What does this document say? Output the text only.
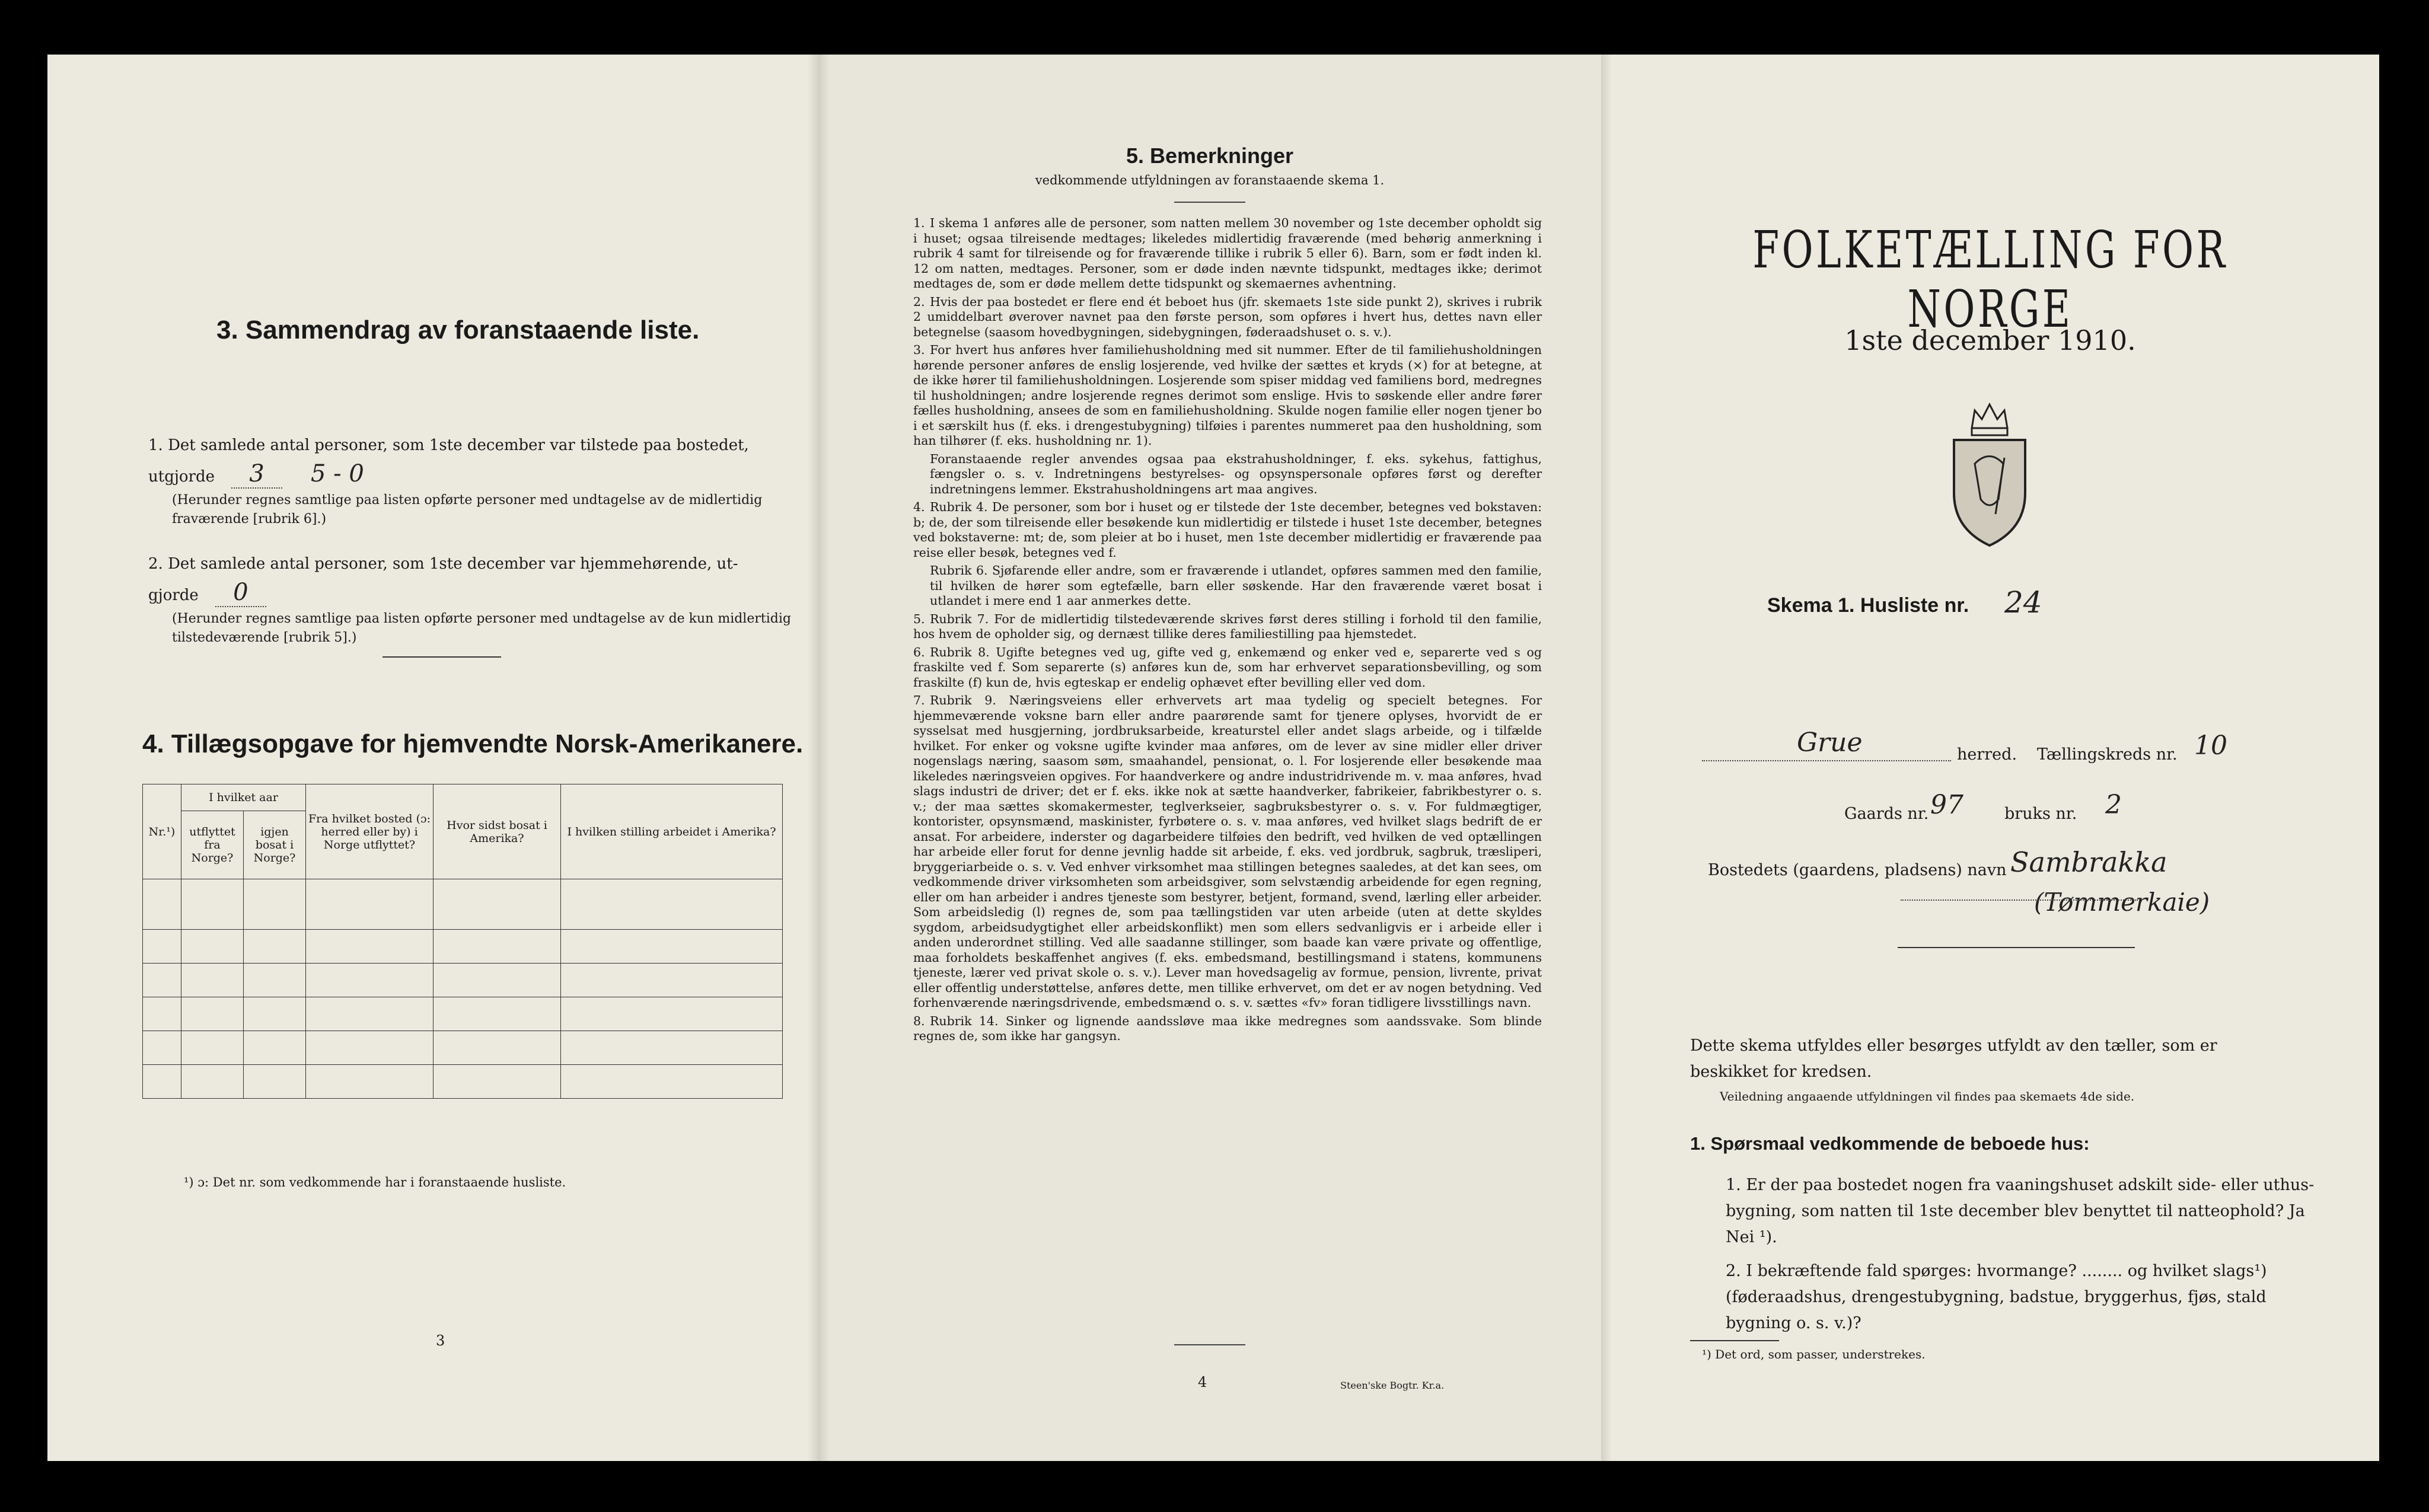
3. Sammendrag av foranstaaende liste.
1. Det samlede antal personer, som 1ste december var tilstede paa bostedet,
utgjorde 3 5 - 0
(Herunder regnes samtlige paa listen opførte personer med undtagelse av de midlertidig fraværende [rubrik 6].)
2. Det samlede antal personer, som 1ste december var hjemmehørende, ut-
gjorde 0
(Herunder regnes samtlige paa listen opførte personer med undtagelse av de kun midlertidig tilstedeværende [rubrik 5].)
4. Tillægsopgave for hjemvendte Norsk-Amerikanere.
Nr.¹)	I hvilket aar		Fra hvilket bosted (ɔ: herred eller by) i Norge utflyttet?	Hvor sidst bosat i Amerika?	I hvilken stilling arbeidet i Amerika?
	utflyttet fra Norge?	igjen bosat i Norge?			

¹) ɔ: Det nr. som vedkommende har i foranstaaende husliste.
3
5. Bemerkninger
vedkommende utfyldningen av foranstaaende skema 1.

1. I skema 1 anføres alle de personer, som natten mellem 30 november og 1ste december opholdt sig i huset; ogsaa tilreisende medtages; likeledes midlertidig fraværende (med behørig anmerkning i rubrik 4 samt for tilreisende og for fraværende tillike i rubrik 5 eller 6). Barn, som er født inden kl. 12 om natten, medtages. Personer, som er døde inden nævnte tidspunkt, medtages ikke; derimot medtages de, som er døde mellem dette tidspunkt og skemaernes avhentning.

2. Hvis der paa bostedet er flere end ét beboet hus (jfr. skemaets 1ste side punkt 2), skrives i rubrik 2 umiddelbart øverover navnet paa den første person, som opføres i hvert hus, dettes navn eller betegnelse (saasom hovedbygningen, sidebygningen, føderaadshuset o. s. v.).

3. For hvert hus anføres hver familiehusholdning med sit nummer. Efter de til familiehusholdningen hørende personer anføres de enslig losjerende, ved hvilke der sættes et kryds (×) for at betegne, at de ikke hører til familiehusholdningen. Losjerende som spiser middag ved familiens bord, medregnes til husholdningen; andre losjerende regnes derimot som enslige. Hvis to søskende eller andre fører fælles husholdning, ansees de som en familiehusholdning. Skulde nogen familie eller nogen tjener bo i et særskilt hus (f. eks. i drengestubygning) tilføies i parentes nummeret paa den husholdning, som han tilhører (f. eks. husholdning nr. 1).

Foranstaaende regler anvendes ogsaa paa ekstrahusholdninger, f. eks. sykehus, fattighus, fængsler o. s. v. Indretningens bestyrelses- og opsynspersonale opføres først og derefter indretningens lemmer. Ekstrahusholdningens art maa angives.

4. Rubrik 4. De personer, som bor i huset og er tilstede der 1ste december, betegnes ved bokstaven: b; de, der som tilreisende eller besøkende kun midlertidig er tilstede i huset 1ste december, betegnes ved bokstaverne: mt; de, som pleier at bo i huset, men 1ste december midlertidig er fraværende paa reise eller besøk, betegnes ved f.

Rubrik 6. Sjøfarende eller andre, som er fraværende i utlandet, opføres sammen med den familie, til hvilken de hører som egtefælle, barn eller søskende. Har den fraværende været bosat i utlandet i mere end 1 aar anmerkes dette.

5. Rubrik 7. For de midlertidig tilstedeværende skrives først deres stilling i forhold til den familie, hos hvem de opholder sig, og dernæst tillike deres familiestilling paa hjemstedet.

6. Rubrik 8. Ugifte betegnes ved ug, gifte ved g, enkemænd og enker ved e, separerte ved s og fraskilte ved f. Som separerte (s) anføres kun de, som har erhvervet separationsbevilling, og som fraskilte (f) kun de, hvis egteskap er endelig ophævet efter bevilling eller ved dom.

7. Rubrik 9. Næringsveiens eller erhvervets art maa tydelig og specielt betegnes. For hjemmeværende voksne barn eller andre paarørende samt for tjenere oplyses, hvorvidt de er sysselsat med husgjerning, jordbruksarbeide, kreaturstel eller andet slags arbeide, og i tilfælde hvilket. For enker og voksne ugifte kvinder maa anføres, om de lever av sine midler eller driver nogenslags næring, saasom søm, smaahandel, pensionat, o. l. For losjerende eller besøkende maa likeledes næringsveien opgives. For haandverkere og andre industridrivende m. v. maa anføres, hvad slags industri de driver; det er f. eks. ikke nok at sætte haandverker, fabrikeier, fabrikbestyrer o. s. v.; der maa sættes skomakermester, teglverkseier, sagbruksbestyrer o. s. v. For fuldmægtiger, kontorister, opsynsmænd, maskinister, fyrbøtere o. s. v. maa anføres, ved hvilket slags bedrift de er ansat. For arbeidere, inderster og dagarbeidere tilføies den bedrift, ved hvilken de ved optællingen har arbeide eller forut for denne jevnlig hadde sit arbeide, f. eks. ved jordbruk, sagbruk, træsliperi, bryggeriarbeide o. s. v. Ved enhver virksomhet maa stillingen betegnes saaledes, at det kan sees, om vedkommende driver virksomheten som arbeidsgiver, som selvstændig arbeidende for egen regning, eller om han arbeider i andres tjeneste som bestyrer, betjent, formand, svend, lærling eller arbeider. Som arbeidsledig (l) regnes de, som paa tællingstiden var uten arbeide (uten at dette skyldes sygdom, arbeidsudygtighet eller arbeidskonflikt) men som ellers sedvanligvis er i arbeide eller i anden underordnet stilling. Ved alle saadanne stillinger, som baade kan være private og offentlige, maa forholdets beskaffenhet angives (f. eks. embedsmand, bestillingsmand i statens, kommunens tjeneste, lærer ved privat skole o. s. v.). Lever man hovedsagelig av formue, pension, livrente, privat eller offentlig understøttelse, anføres dette, men tillike erhvervet, om det er av nogen betydning. Ved forhenværende næringsdrivende, embedsmænd o. s. v. sættes «fv» foran tidligere livsstillings navn.

8. Rubrik 14. Sinker og lignende aandssløve maa ikke medregnes som aandssvake. Som blinde regnes de, som ikke har gangsyn.

4	Steen'ske Bogtr. Kr.a.
FOLKETÆLLING FOR NORGE
1ste december 1910.
Skema 1. Husliste nr. 24
Grue	herred. Tællingskreds nr. 10
Gaards nr. 97	bruks nr. 2
Bostedets (gaardens, pladsens) navn Sambrakka
(Tømmerkaie)
Dette skema utfyldes eller besørges utfyldt av den tæller, som er beskikket for kredsen.
Veiledning angaaende utfyldningen vil findes paa skemaets 4de side.
1. Spørsmaal vedkommende de beboede hus:
1. Er der paa bostedet nogen fra vaaningshuset adskilt side- eller uthus-bygning, som natten til 1ste december blev benyttet til natteophold? Ja Nei ¹).
2. I bekræftende fald spørges: hvormange? ........ og hvilket slags¹) (føderaadshus, drengestubygning, badstue, bryggerhus, fjøs, stald bygning o. s. v.)?
¹) Det ord, som passer, understrekes.
